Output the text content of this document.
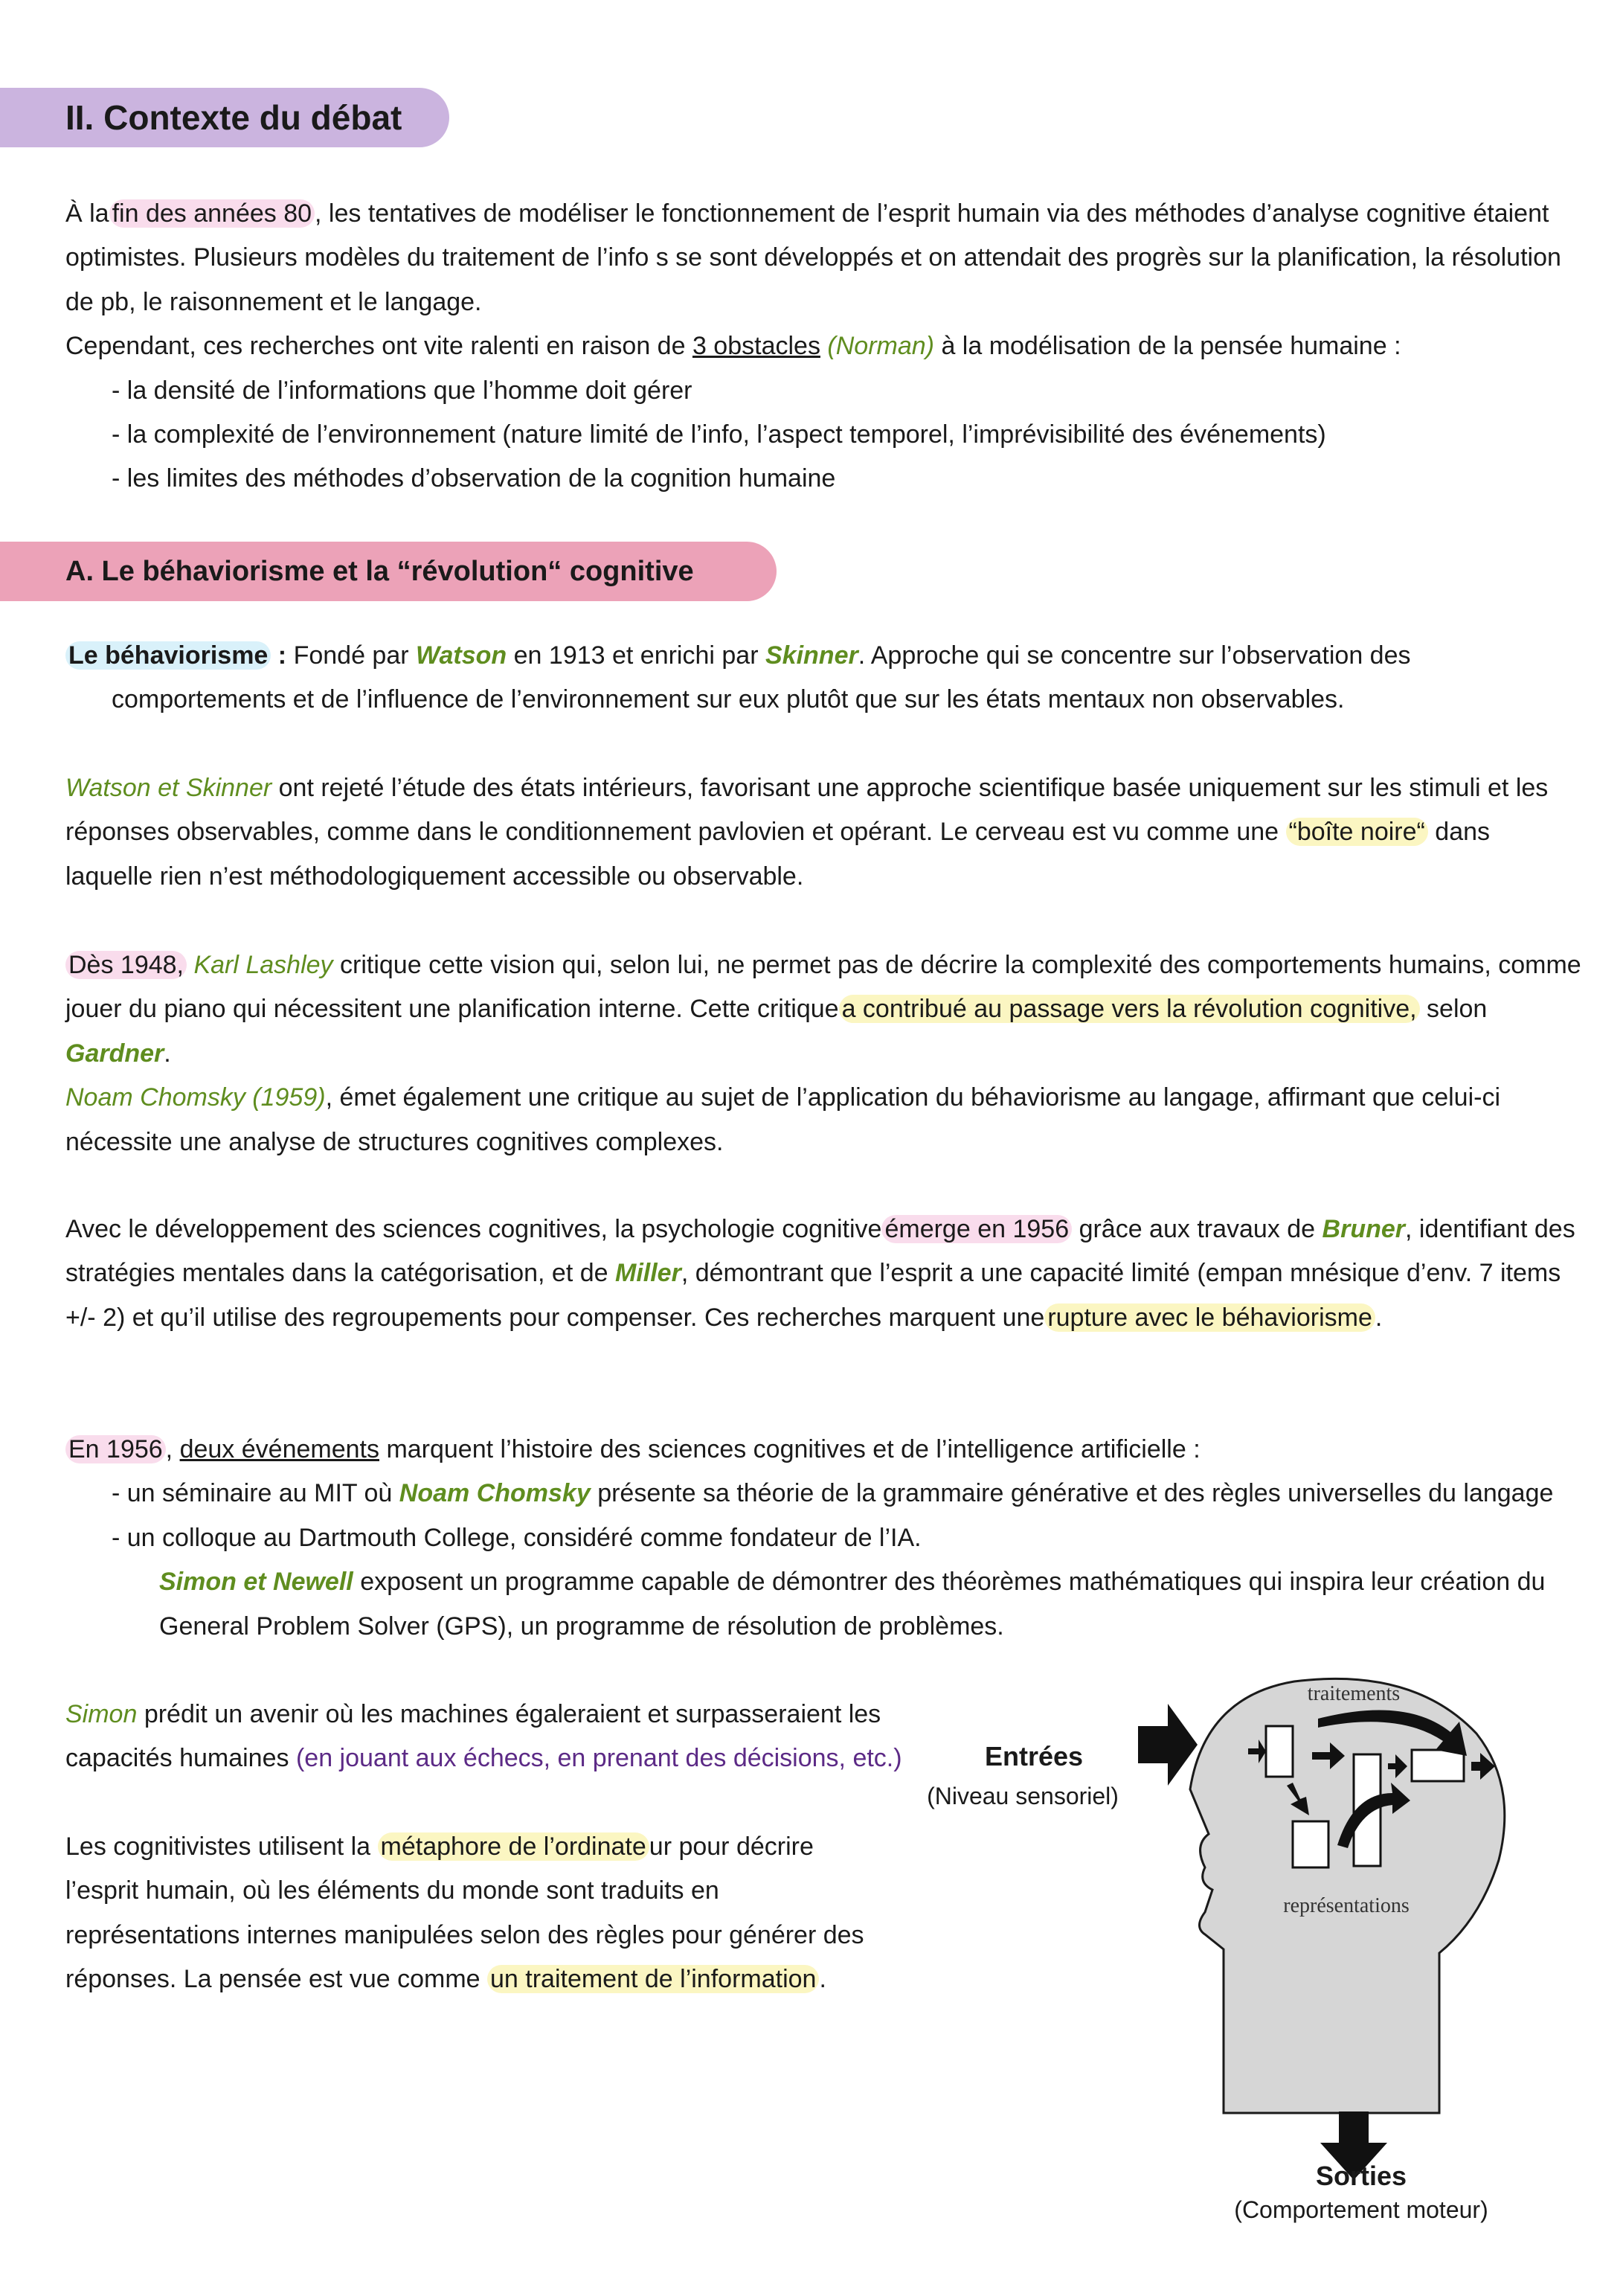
II. Contexte du débat

À la fin des années 80 , les tentatives de modéliser le fonctionnement de l’esprit humain via des méthodes d’analyse cognitive étaient optimistes. Plusieurs modèles du traitement de l’info s se sont développés et on attendait des progrès sur la planification, la résolution de pb, le raisonnement et le langage.

Cependant, ces recherches ont vite ralenti en raison de 3 obstacles (Norman) à la modélisation de la pensée humaine :

- la densité de l’informations que l’homme doit gérer

- la complexité de l’environnement (nature limité de l’info, l’aspect temporel, l’imprévisibilité des événements)

- les limites des méthodes d’observation de la cognition humaine

A. Le béhaviorisme et la “révolution“ cognitive

Le béhaviorisme : Fondé par Watson en 1913 et enrichi par Skinner. Approche qui se concentre sur l’observation des comportements et de l’influence de l’environnement sur eux plutôt que sur les états mentaux non observables.

Watson et Skinner ont rejeté l’étude des états intérieurs, favorisant une approche scientifique basée uniquement sur les stimuli et les réponses observables, comme dans le conditionnement pavlovien et opérant. Le cerveau est vu comme une “boîte noire“ dans laquelle rien n’est méthodologiquement accessible ou observable.

Dès 1948, Karl Lashley critique cette vision qui, selon lui, ne permet pas de décrire la complexité des comportements humains, comme jouer du piano qui nécessitent une planification interne. Cette critique a contribué au passage vers la révolution cognitive, selon Gardner.

Noam Chomsky (1959), émet également une critique au sujet de l’application du béhaviorisme au langage, affirmant que celui-ci nécessite une analyse de structures cognitives complexes.

Avec le développement des sciences cognitives, la psychologie cognitive émerge en 1956 grâce aux travaux de Bruner, identifiant des stratégies mentales dans la catégorisation, et de Miller, démontrant que l’esprit a une capacité limité (empan mnésique d’env. 7 items +/- 2) et qu’il utilise des regroupements pour compenser. Ces recherches marquent une rupture avec le béhaviorisme .

En 1956 , deux événements marquent l’histoire des sciences cognitives et de l’intelligence artificielle :

- un séminaire au MIT où Noam Chomsky présente sa théorie de la grammaire générative et des règles universelles du langage

- un colloque au Dartmouth College, considéré comme fondateur de l’IA.

Simon et Newell exposent un programme capable de démontrer des théorèmes mathématiques qui inspira leur création du General Problem Solver (GPS), un programme de résolution de problèmes.

Simon prédit un avenir où les machines égaleraient et surpasseraient les capacités humaines (en jouant aux échecs, en prenant des décisions, etc.)

Les cognitivistes utilisent la métaphore de l’ordinate ur pour décrire l’esprit humain, où les éléments du monde sont traduits en représentations internes manipulées selon des règles pour générer des réponses. La pensée est vue comme un traitement de l’information .

Entrées
(Niveau sensoriel)
traitements
représentations
Sorties
(Comportement moteur)
